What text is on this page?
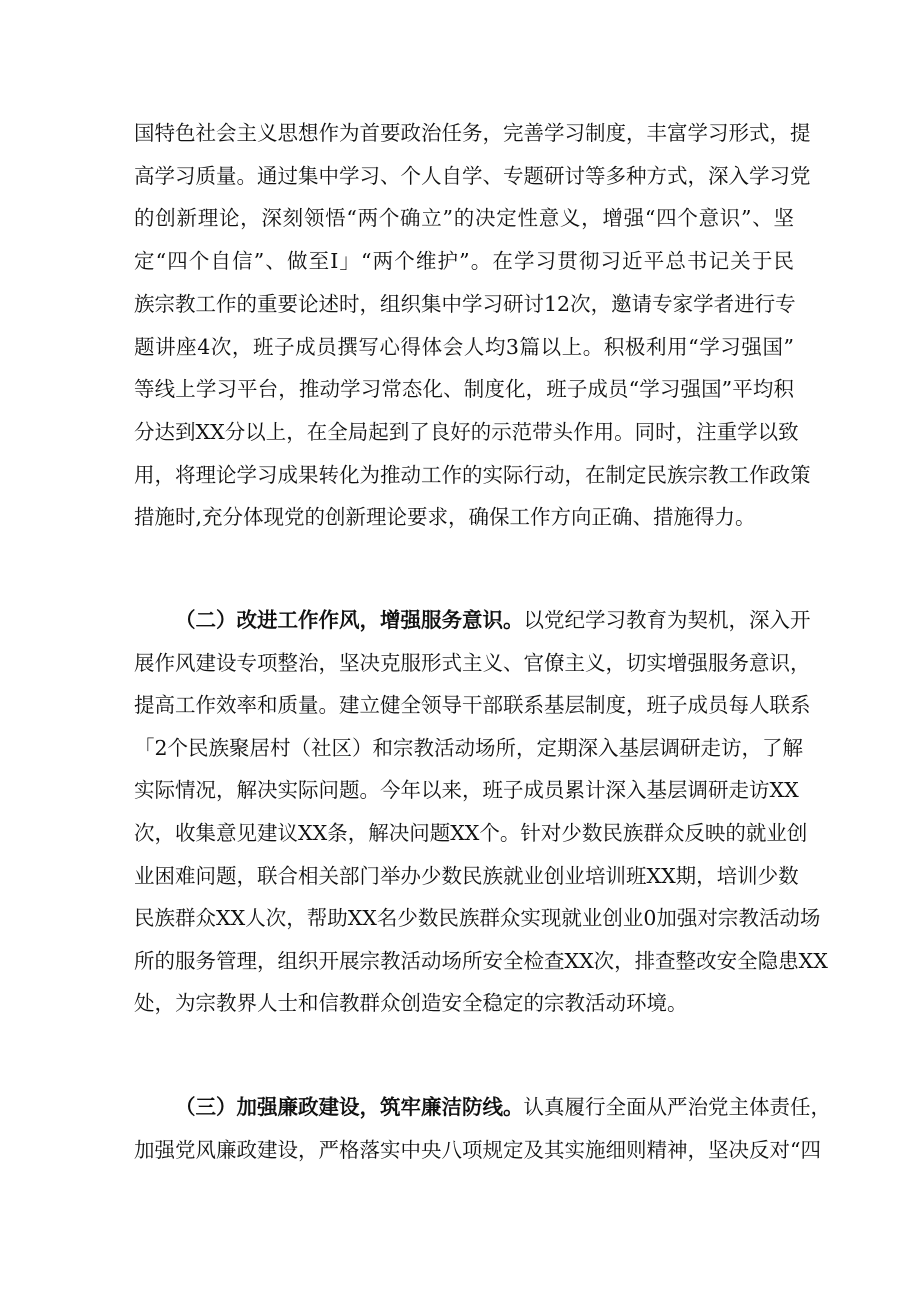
国特色社会主义思想作为首要政治任务，完善学习制度，丰富学习形式，提
高学习质量。通过集中学习、个人自学、专题研讨等多种方式，深入学习党
的创新理论，深刻领悟“两个确立”的决定性意义，增强“四个意识”、坚
定“四个自信”、做至I」“两个维护”。在学习贯彻习近平总书记关于民
族宗教工作的重要论述时，组织集中学习研讨12次，邀请专家学者进行专
题讲座4次，班子成员撰写心得体会人均3篇以上。积极利用“学习强国”
等线上学习平台，推动学习常态化、制度化，班子成员“学习强国”平均积
分达到XX分以上，在全局起到了良好的示范带头作用。同时，注重学以致
用，将理论学习成果转化为推动工作的实际行动，在制定民族宗教工作政策
措施时,充分体现党的创新理论要求，确保工作方向正确、措施得力。
（二）改进工作作风，增强服务意识。以党纪学习教育为契机，深入开
展作风建设专项整治，坚决克服形式主义、官僚主义，切实增强服务意识，
提高工作效率和质量。建立健全领导干部联系基层制度，班子成员每人联系
「2个民族聚居村（社区）和宗教活动场所，定期深入基层调研走访，了解
实际情况，解决实际问题。今年以来，班子成员累计深入基层调研走访XX
次，收集意见建议XX条，解决问题XX个。针对少数民族群众反映的就业创
业困难问题，联合相关部门举办少数民族就业创业培训班XX期，培训少数
民族群众XX人次，帮助XX名少数民族群众实现就业创业0加强对宗教活动场
所的服务管理，组织开展宗教活动场所安全检查XX次，排查整改安全隐患XX
处，为宗教界人士和信教群众创造安全稳定的宗教活动环境。
（三）加强廉政建设，筑牢廉洁防线。认真履行全面从严治党主体责任，
加强党风廉政建设，严格落实中央八项规定及其实施细则精神，坚决反对“四
